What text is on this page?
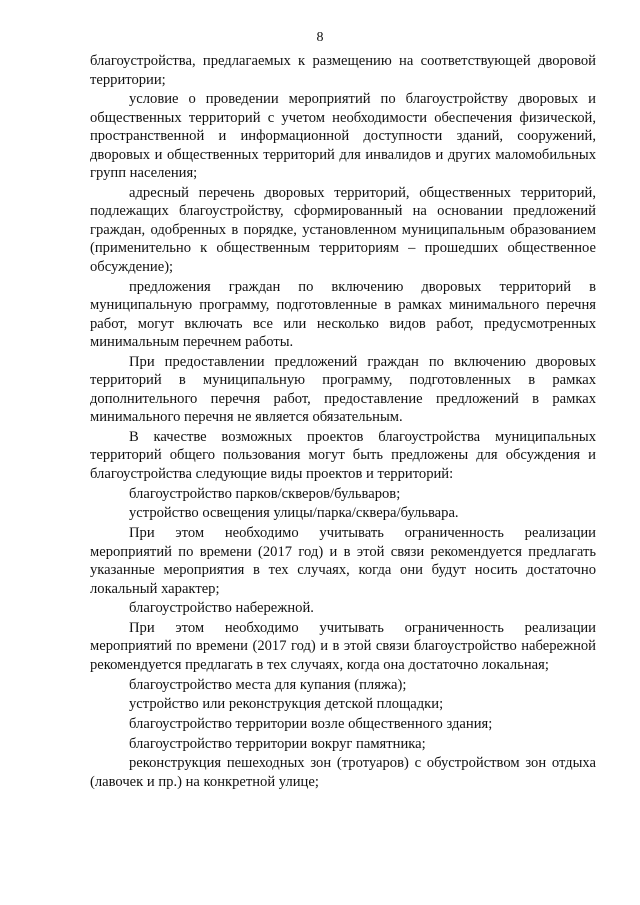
8

благоустройства, предлагаемых к размещению на соответствующей дворовой территории;

условие о проведении мероприятий по благоустройству дворовых и общественных территорий с учетом необходимости обеспечения физической, пространственной и информационной доступности зданий, сооружений, дворовых и общественных территорий для инвалидов и других маломобильных групп населения;

адресный перечень дворовых территорий, общественных территорий, подлежащих благоустройству, сформированный на основании предложений граждан, одобренных в порядке, установленном муниципальным образованием (применительно к общественным территориям – прошедших общественное обсуждение);

предложения граждан по включению дворовых территорий в муниципальную программу, подготовленные в рамках минимального перечня работ, могут включать все или несколько видов работ, предусмотренных минимальным перечнем работы.

При предоставлении предложений граждан по включению дворовых территорий в муниципальную программу, подготовленных в рамках дополнительного перечня работ, предоставление предложений в рамках минимального перечня не является обязательным.

В качестве возможных проектов благоустройства муниципальных территорий общего пользования могут быть предложены для обсуждения и благоустройства следующие виды проектов и территорий:

благоустройство парков/скверов/бульваров;

устройство освещения улицы/парка/сквера/бульвара.

При этом необходимо учитывать ограниченность реализации мероприятий по времени (2017 год) и в этой связи рекомендуется предлагать указанные мероприятия в тех случаях, когда они будут носить достаточно локальный характер;

благоустройство набережной.

При этом необходимо учитывать ограниченность реализации мероприятий по времени (2017 год) и в этой связи благоустройство набережной рекомендуется предлагать в тех случаях, когда она достаточно локальная;

благоустройство места для купания (пляжа);

устройство или реконструкция детской площадки;

благоустройство территории возле общественного здания;

благоустройство территории вокруг памятника;

реконструкция пешеходных зон (тротуаров) с обустройством зон отдыха (лавочек и пр.) на конкретной улице;
